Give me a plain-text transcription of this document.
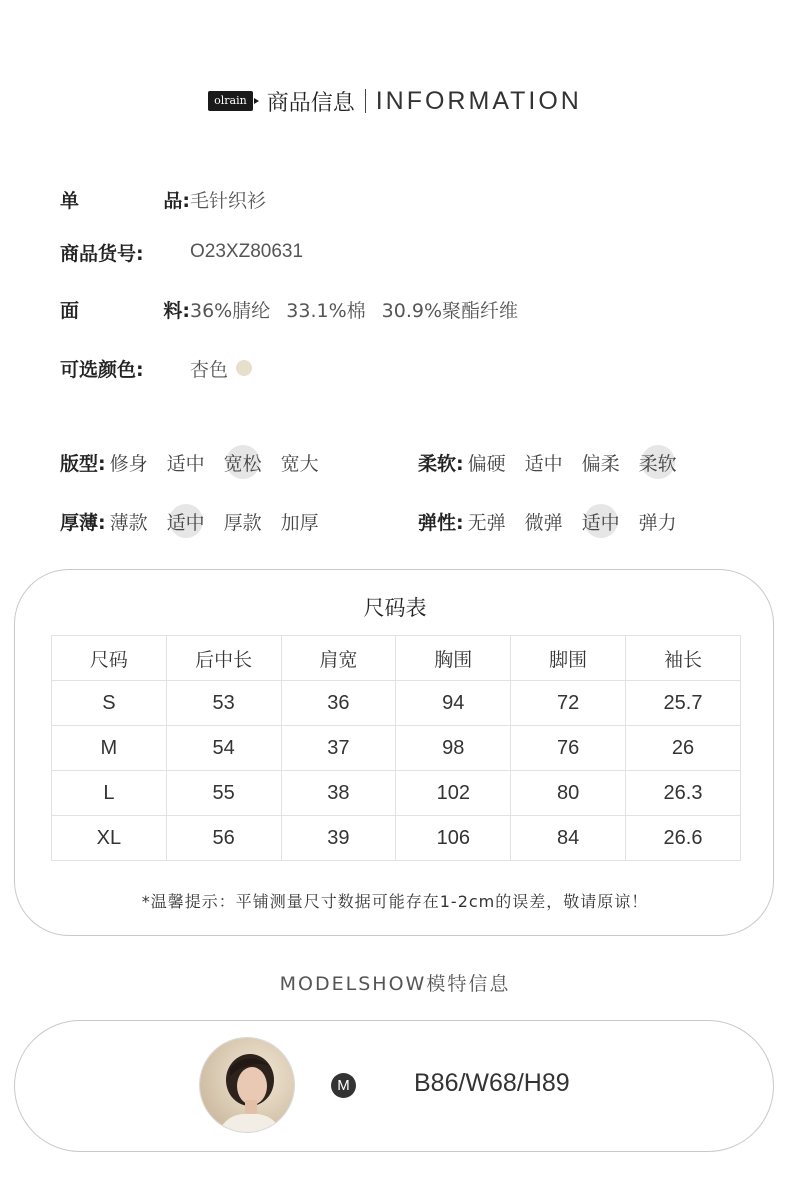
olrain 商品信息 INFORMATION
单	品: 毛针织衫
商品货号: O23XZ80631
面	料: 36%腈纶 33.1%棉 30.9%聚酯纤维
可选颜色: 杏色
版型: 修身 适中 宽松 宽大	柔软: 偏硬 适中 偏柔 柔软
厚薄: 薄款 适中 厚款 加厚	弹性: 无弹 微弹 适中 弹力
尺码表
尺码	后中长	肩宽	胸围	脚围	袖长
S	53	36	94	72	25.7
M	54	37	98	76	26
L	55	38	102	80	26.3
XL	56	39	106	84	26.6
*温馨提示：平铺测量尺寸数据可能存在1-2cm的误差，敬请原谅！
MODELSHOW模特信息
M	B86/W68/H89
